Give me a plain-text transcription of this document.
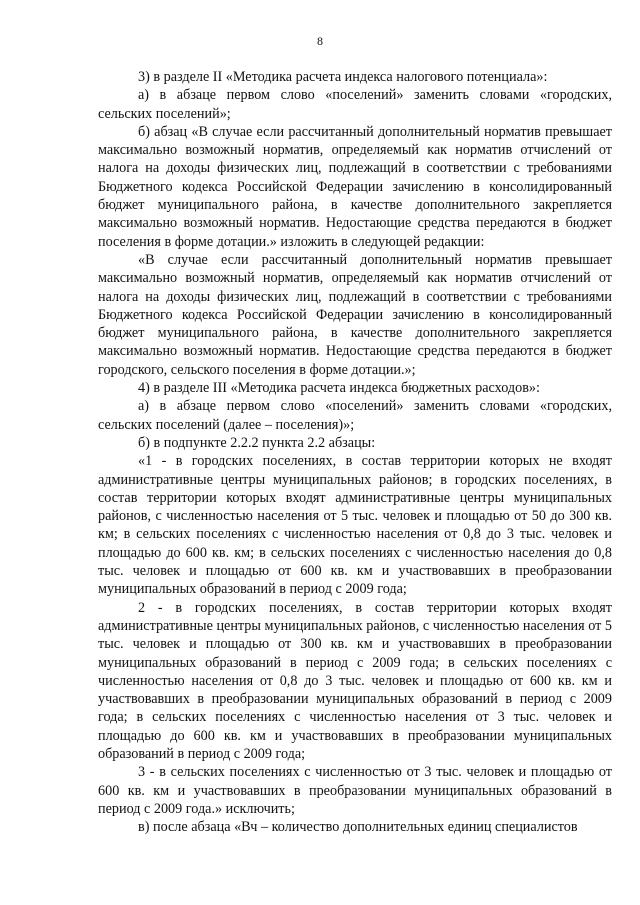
8

3) в разделе II «Методика расчета индекса налогового потенциала»:

а) в абзаце первом слово «поселений» заменить словами «городских, сельских поселений»;

б) абзац «В случае если рассчитанный дополнительный норматив превышает максимально возможный норматив, определяемый как норматив отчислений от налога на доходы физических лиц, подлежащий в соответствии с требованиями Бюджетного кодекса Российской Федерации зачислению в консолидированный бюджет муниципального района, в качестве дополнительного закрепляется максимально возможный норматив. Недостающие средства передаются в бюджет поселения в форме дотации.» изложить в следующей редакции:

«В случае если рассчитанный дополнительный норматив превышает максимально возможный норматив, определяемый как норматив отчислений от налога на доходы физических лиц, подлежащий в соответствии с требованиями Бюджетного кодекса Российской Федерации зачислению в консолидированный бюджет муниципального района, в качестве дополнительного закрепляется максимально возможный норматив. Недостающие средства передаются в бюджет городского, сельского поселения в форме дотации.»;

4) в разделе III «Методика расчета индекса бюджетных расходов»:

а) в абзаце первом слово «поселений» заменить словами «городских, сельских поселений (далее – поселения)»;

б) в подпункте 2.2.2 пункта 2.2 абзацы:

«1 - в городских поселениях, в состав территории которых не входят административные центры муниципальных районов; в городских поселениях, в состав территории которых входят административные центры муниципальных районов, с численностью населения от 5 тыс. человек и площадью от 50 до 300 кв. км; в сельских поселениях с численностью населения от 0,8 до 3 тыс. человек и площадью до 600 кв. км; в сельских поселениях с численностью населения до 0,8 тыс. человек и площадью от 600 кв. км и участвовавших в преобразовании муниципальных образований в период с 2009 года;

2 - в городских поселениях, в состав территории которых входят административные центры муниципальных районов, с численностью населения от 5 тыс. человек и площадью от 300 кв. км и участвовавших в преобразовании муниципальных образований в период с 2009 года; в сельских поселениях с численностью населения от 0,8 до 3 тыс. человек и площадью от 600 кв. км и участвовавших в преобразовании муниципальных образований в период с 2009 года; в сельских поселениях с численностью населения от 3 тыс. человек и площадью до 600 кв. км и участвовавших в преобразовании муниципальных образований в период с 2009 года;

3 - в сельских поселениях с численностью от 3 тыс. человек и площадью от 600 кв. км и участвовавших в преобразовании муниципальных образований в период с 2009 года.» исключить;

в) после абзаца «Вч – количество дополнительных единиц специалистов
